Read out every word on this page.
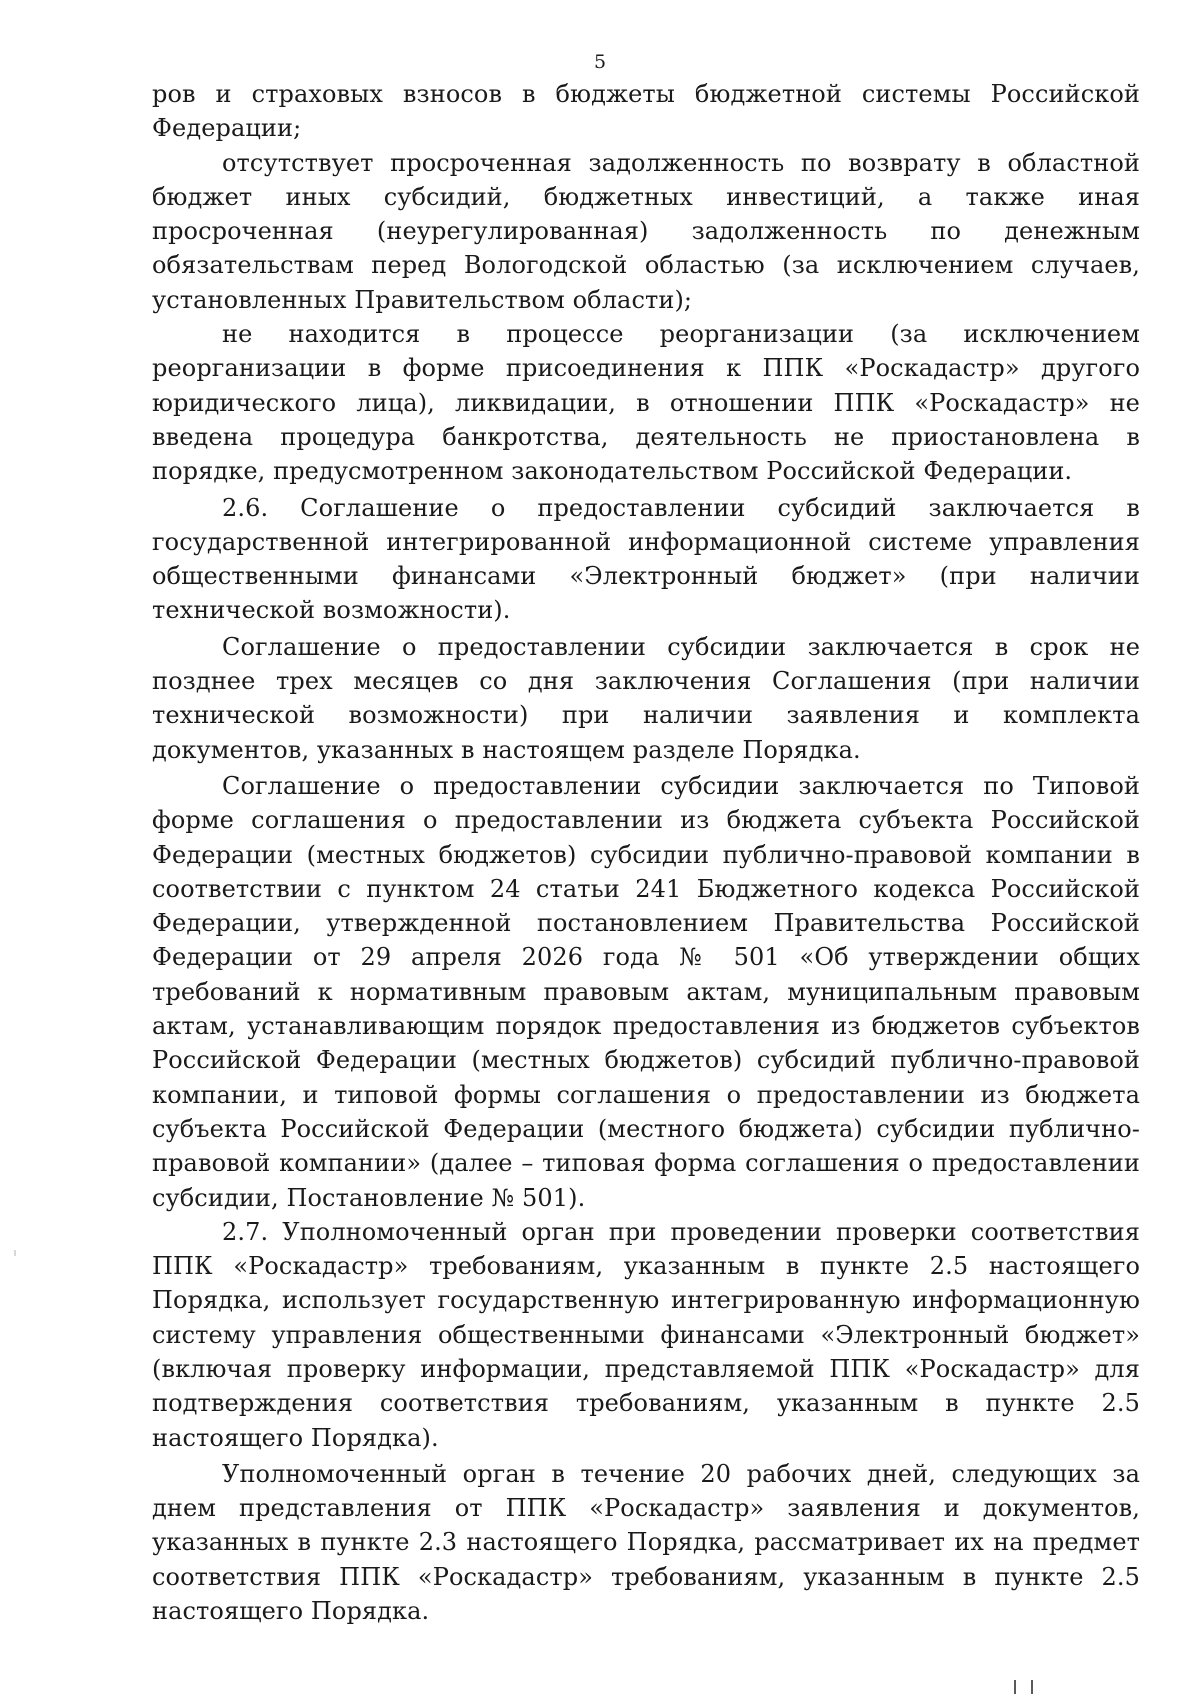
5

ров и страховых взносов в бюджеты бюджетной системы Российской Федерации;

отсутствует просроченная задолженность по возврату в областной бюджет иных субсидий, бюджетных инвестиций, а также иная просроченная (неурегулированная) задолженность по денежным обязательствам перед Вологодской областью (за исключением случаев, установленных Правительством области);

не находится в процессе реорганизации (за исключением реорганизации в форме присоединения к ППК «Роскадастр» другого юридического лица), ликвидации, в отношении ППК «Роскадастр» не введена процедура банкротства, деятельность не приостановлена в порядке, предусмотренном законодательством Российской Федерации.

2.6. Соглашение о предоставлении субсидий заключается в государственной интегрированной информационной системе управления общественными финансами «Электронный бюджет» (при наличии технической возможности).

Соглашение о предоставлении субсидии заключается в срок не позднее трех месяцев со дня заключения Соглашения (при наличии технической возможности) при наличии заявления и комплекта документов, указанных в настоящем разделе Порядка.

Соглашение о предоставлении субсидии заключается по Типовой форме соглашения о предоставлении из бюджета субъекта Российской Федерации (местных бюджетов) субсидии публично-правовой компании в соответствии с пунктом 24 статьи 241 Бюджетного кодекса Российской Федерации, утвержденной постановлением Правительства Российской Федерации от 29 апреля 2026 года № 501 «Об утверждении общих требований к нормативным правовым актам, муниципальным правовым актам, устанавливающим порядок предоставления из бюджетов субъектов Российской Федерации (местных бюджетов) субсидий публично-правовой компании, и типовой формы соглашения о предоставлении из бюджета субъекта Российской Федерации (местного бюджета) субсидии публично-правовой компании» (далее – типовая форма соглашения о предоставлении субсидии, Постановление № 501).

2.7. Уполномоченный орган при проведении проверки соответствия ППК «Роскадастр» требованиям, указанным в пункте 2.5 настоящего Порядка, использует государственную интегрированную информационную систему управления общественными финансами «Электронный бюджет» (включая проверку информации, представляемой ППК «Роскадастр» для подтверждения соответствия требованиям, указанным в пункте 2.5 настоящего Порядка).

Уполномоченный орган в течение 20 рабочих дней, следующих за днем представления от ППК «Роскадастр» заявления и документов, указанных в пункте 2.3 настоящего Порядка, рассматривает их на предмет соответствия ППК «Роскадастр» требованиям, указанным в пункте 2.5 настоящего Порядка.
